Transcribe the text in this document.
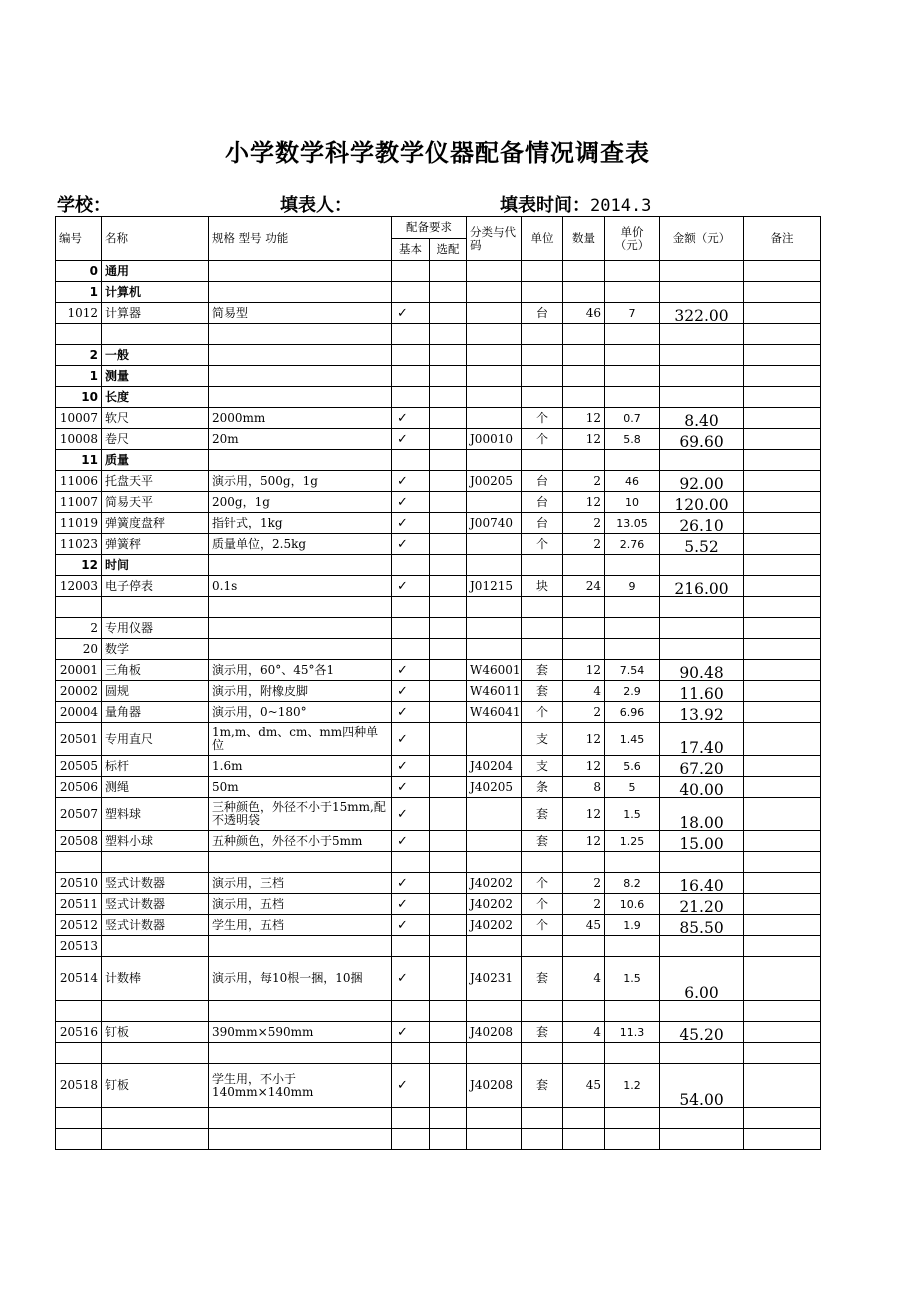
小学数学科学教学仪器配备情况调查表
学校：	填表人：	填表时间：2014.3
编号	名称	规格 型号 功能	配备要求		分类与代码	单位	数量	单价（元）	金额（元）	备注
			基本	选配						
0	通用									
1	计算机									
1012	计算器	简易型	✓			台	46	7	322.00	

2	一般									
1	测量									
10	长度									
10007	软尺	2000mm	✓			个	12	0.7	8.40	
10008	卷尺	20m	✓		J00010	个	12	5.8	69.60	
11	质量									
11006	托盘天平	演示用，500g，1g	✓		J00205	台	2	46	92.00	
11007	简易天平	200g，1g	✓			台	12	10	120.00	
11019	弹簧度盘秤	指针式，1kg	✓		J00740	台	2	13.05	26.10	
11023	弹簧秤	质量单位，2.5kg	✓			个	2	2.76	5.52	
12	时间									
12003	电子停表	0.1s	✓		J01215	块	24	9	216.00	

2	专用仪器									
20	数学									
20001	三角板	演示用，60°、45°各1	✓		W46001	套	12	7.54	90.48	
20002	圆规	演示用，附橡皮脚	✓		W46011	套	4	2.9	11.60	
20004	量角器	演示用，0~180°	✓		W46041	个	2	6.96	13.92	
20501	专用直尺	1m,m、dm、cm、mm四种单位	✓			支	12	1.45	17.40	
20505	标杆	1.6m	✓		J40204	支	12	5.6	67.20	
20506	测绳	50m	✓		J40205	条	8	5	40.00	
20507	塑料球	三种颜色，外径不小于15mm,配不透明袋	✓			套	12	1.5	18.00	
20508	塑料小球	五种颜色，外径不小于5mm	✓			套	12	1.25	15.00	

20510	竖式计数器	演示用，三档	✓		J40202	个	2	8.2	16.40	
20511	竖式计数器	演示用，五档	✓		J40202	个	2	10.6	21.20	
20512	竖式计数器	学生用，五档	✓		J40202	个	45	1.9	85.50	
20513										
20514	计数棒	演示用，每10根一捆，10捆	✓		J40231	套	4	1.5	6.00	

20516	钉板	390mm×590mm	✓		J40208	套	4	11.3	45.20	

20518	钉板	学生用，不小于140mm×140mm	✓		J40208	套	45	1.2	54.00	
